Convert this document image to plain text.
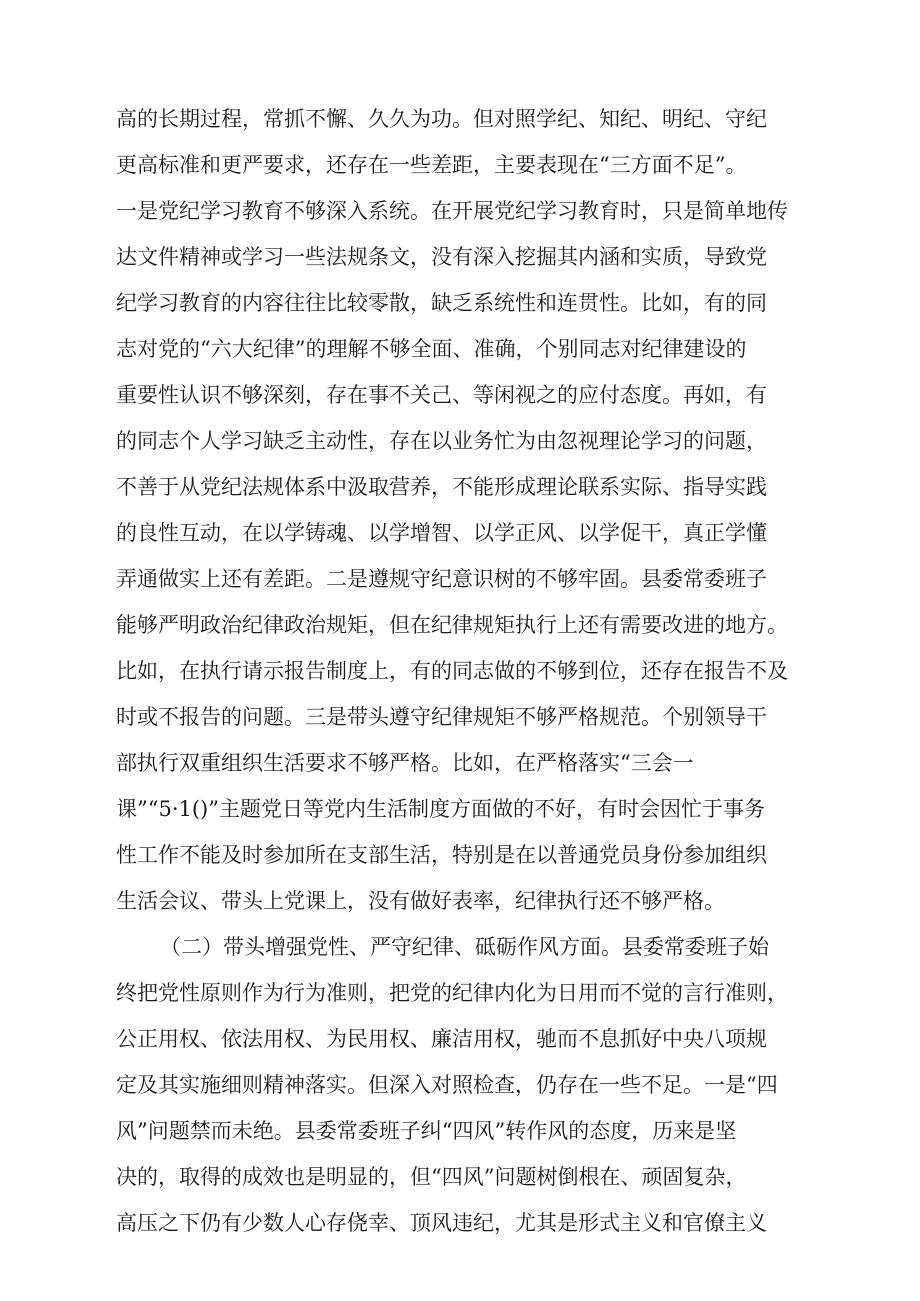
高的长期过程，常抓不懈、久久为功。但对照学纪、知纪、明纪、守纪
更高标准和更严要求，还存在一些差距，主要表现在“三方面不足”。
一是党纪学习教育不够深入系统。在开展党纪学习教育时，只是简单地传
达文件精神或学习一些法规条文，没有深入挖掘其内涵和实质，导致党
纪学习教育的内容往往比较零散，缺乏系统性和连贯性。比如，有的同
志对党的“六大纪律”的理解不够全面、准确，个别同志对纪律建设的
重要性认识不够深刻，存在事不关己、等闲视之的应付态度。再如，有
的同志个人学习缺乏主动性，存在以业务忙为由忽视理论学习的问题，
不善于从党纪法规体系中汲取营养，不能形成理论联系实际、指导实践
的良性互动，在以学铸魂、以学增智、以学正风、以学促干，真正学懂
弄通做实上还有差距。二是遵规守纪意识树的不够牢固。县委常委班子
能够严明政治纪律政治规矩，但在纪律规矩执行上还有需要改进的地方。
比如，在执行请示报告制度上，有的同志做的不够到位，还存在报告不及
时或不报告的问题。三是带头遵守纪律规矩不够严格规范。个别领导干
部执行双重组织生活要求不够严格。比如，在严格落实“三会一
课”“5·1()”主题党日等党内生活制度方面做的不好，有时会因忙于事务
性工作不能及时参加所在支部生活，特别是在以普通党员身份参加组织
生活会议、带头上党课上，没有做好表率，纪律执行还不够严格。
（二）带头增强党性、严守纪律、砥砺作风方面。县委常委班子始
终把党性原则作为行为准则，把党的纪律内化为日用而不觉的言行准则，
公正用权、依法用权、为民用权、廉洁用权，驰而不息抓好中央八项规
定及其实施细则精神落实。但深入对照检查，仍存在一些不足。一是“四
风”问题禁而未绝。县委常委班子纠“四风”转作风的态度，历来是坚
决的，取得的成效也是明显的，但“四风”问题树倒根在、顽固复杂，
高压之下仍有少数人心存侥幸、顶风违纪，尤其是形式主义和官僚主义
